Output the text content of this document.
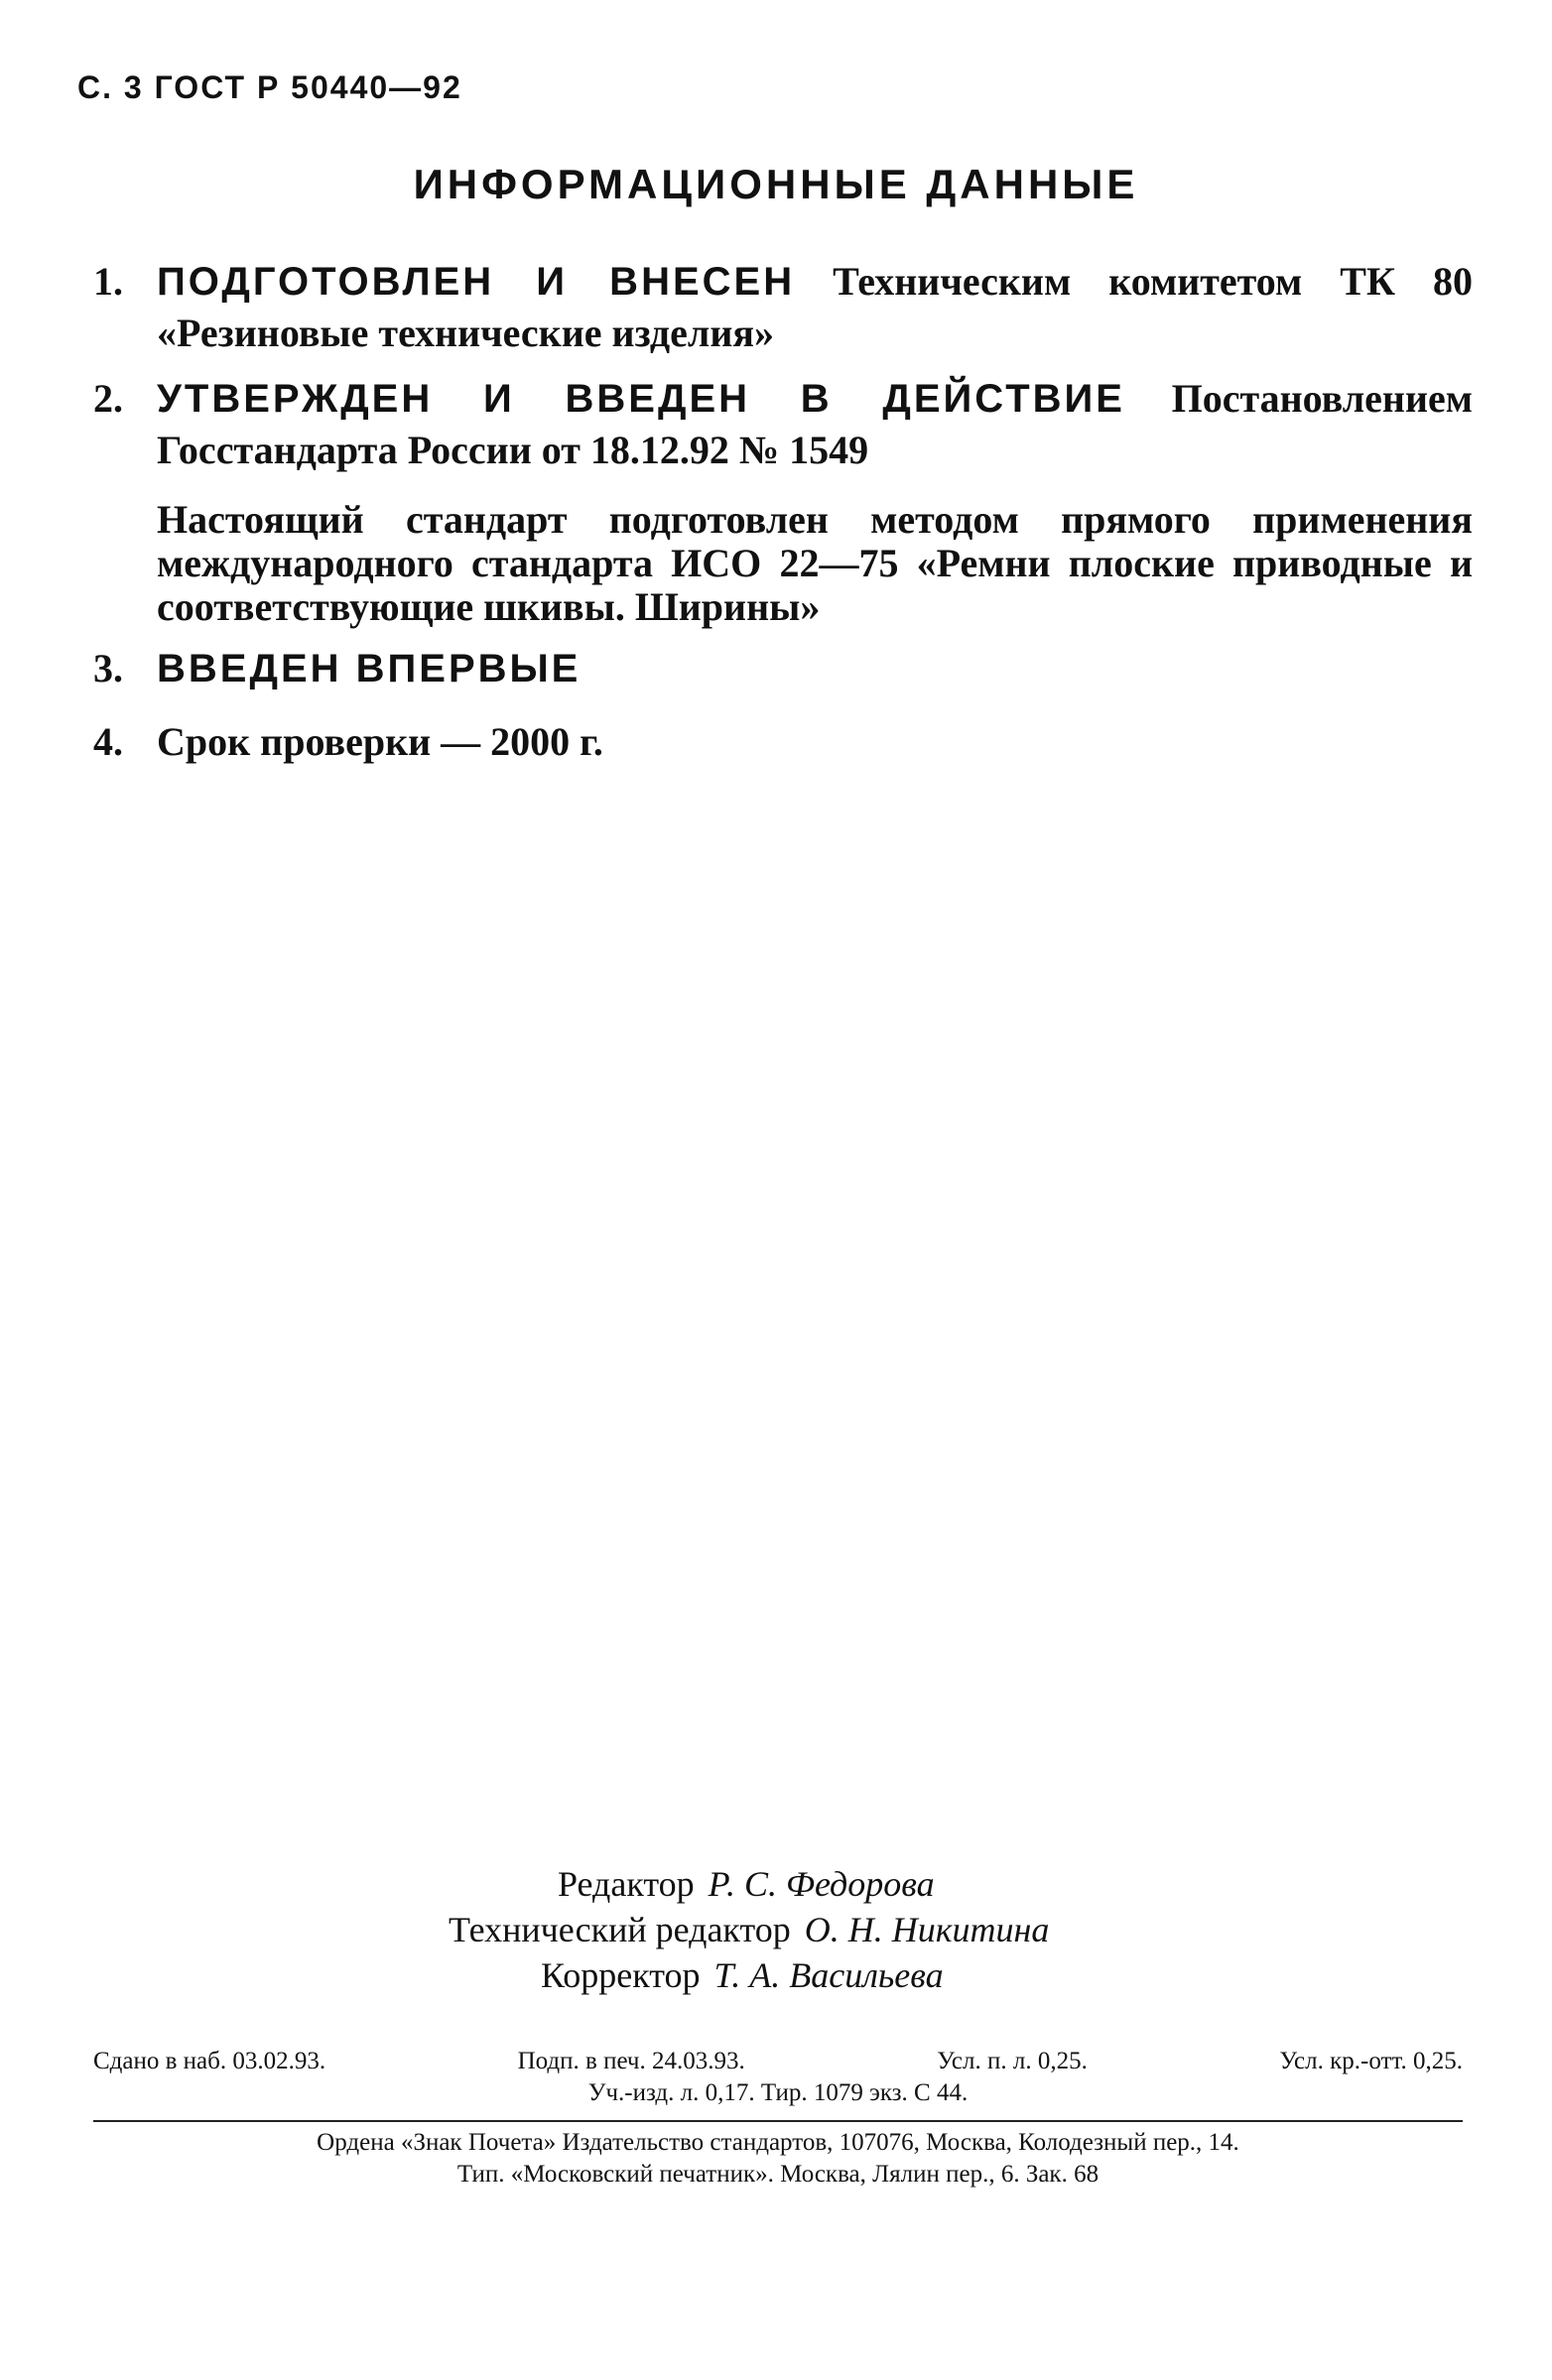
С. 3 ГОСТ Р 50440—92
ИНФОРМАЦИОННЫЕ ДАННЫЕ
1. ПОДГОТОВЛЕН И ВНЕСЕН Техническим комитетом ТК 80 «Резиновые технические изделия»
2. УТВЕРЖДЕН И ВВЕДЕН В ДЕЙСТВИЕ Постановлением Госстандарта России от 18.12.92 № 1549
Настоящий стандарт подготовлен методом прямого применения международного стандарта ИСО 22—75 «Ремни плоские приводные и соответствующие шкивы. Ширины»
3. ВВЕДЕН ВПЕРВЫЕ
4. Срок проверки — 2000 г.
Редактор Р. С. Федорова
Технический редактор О. Н. Никитина
Корректор Т. А. Васильева
Сдано в наб. 03.02.93.	Подп. в печ. 24.03.93.	Усл. п. л. 0,25.	Усл. кр.-отт. 0,25.
Уч.-изд. л. 0,17. Тир. 1079 экз. С 44.
Ордена «Знак Почета» Издательство стандартов, 107076, Москва, Колодезный пер., 14.
Тип. «Московский печатник». Москва, Лялин пер., 6. Зак. 68
